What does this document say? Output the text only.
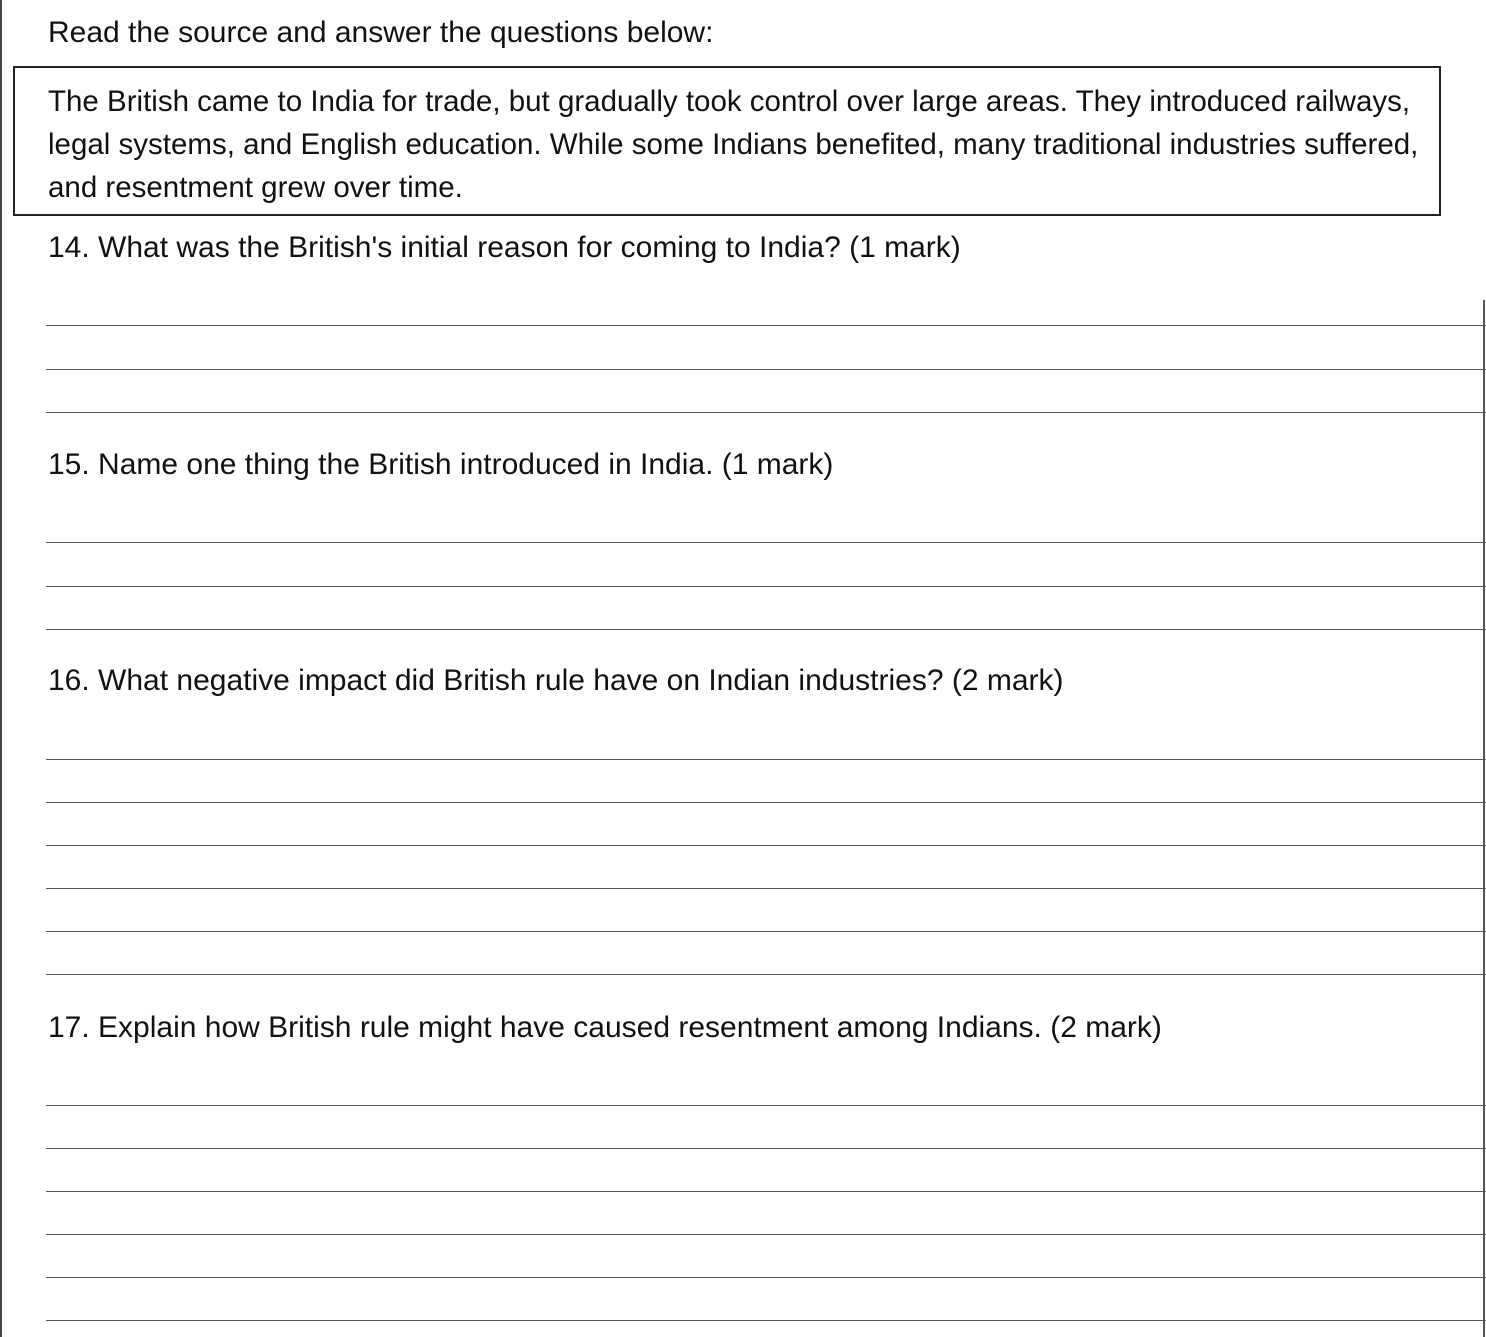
Read the source and answer the questions below:

The British came to India for trade, but gradually took control over large areas. They introduced railways, legal systems, and English education. While some Indians benefited, many traditional industries suffered, and resentment grew over time.

14. What was the British's initial reason for coming to India? (1 mark)
15. Name one thing the British introduced in India. (1 mark)
16. What negative impact did British rule have on Indian industries? (2 mark)
17. Explain how British rule might have caused resentment among Indians. (2 mark)
